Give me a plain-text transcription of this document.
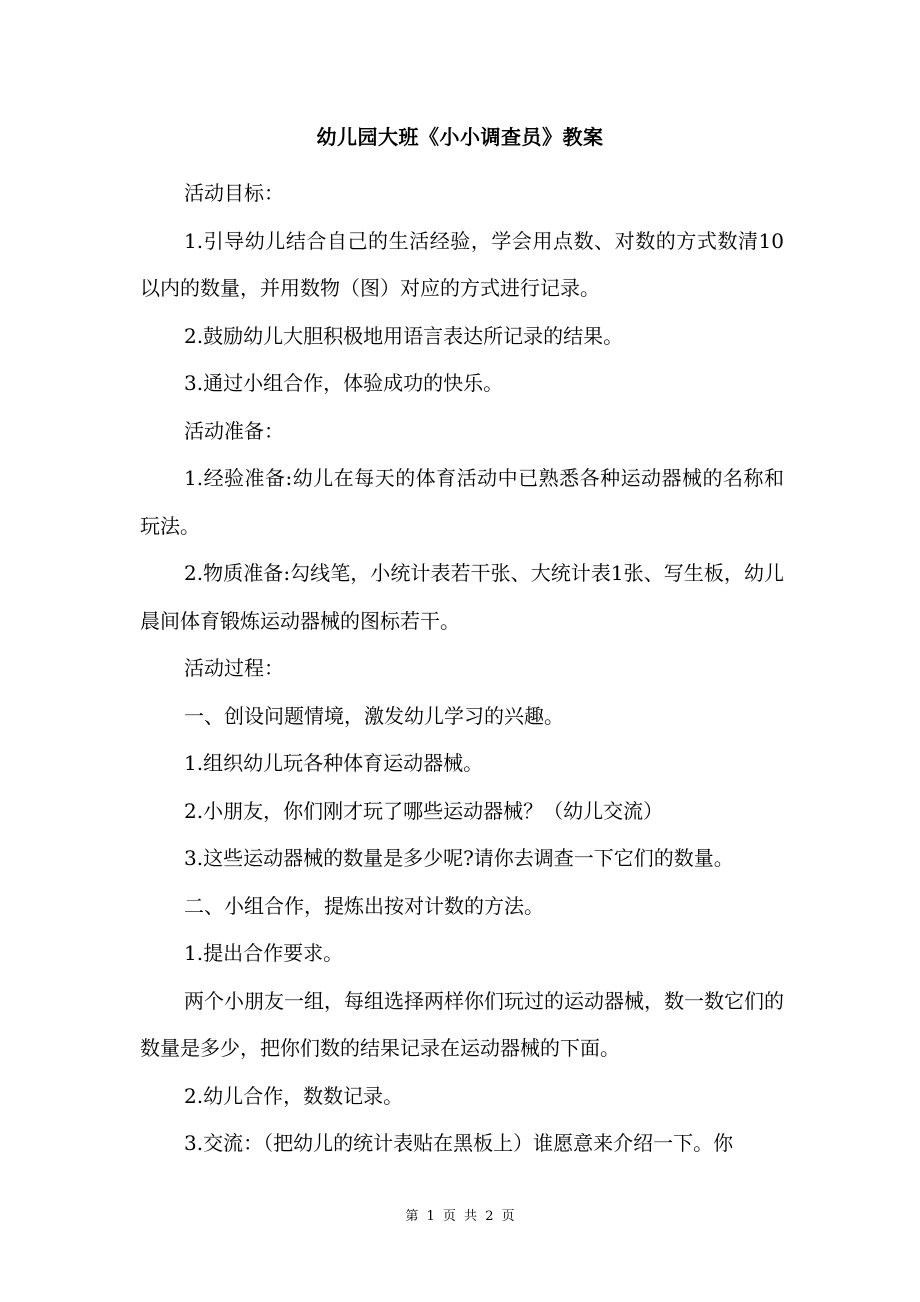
幼儿园大班《小小调查员》教案

活动目标：

1.引导幼儿结合自己的生活经验，学会用点数、对数的方式数清10以内的数量，并用数物（图）对应的方式进行记录。

2.鼓励幼儿大胆积极地用语言表达所记录的结果。

3.通过小组合作，体验成功的快乐。

活动准备：

1.经验准备:幼儿在每天的体育活动中已熟悉各种运动器械的名称和玩法。

2.物质准备:勾线笔，小统计表若干张、大统计表1张、写生板，幼儿晨间体育锻炼运动器械的图标若干。

活动过程：

一、创设问题情境，激发幼儿学习的兴趣。

1.组织幼儿玩各种体育运动器械。

2.小朋友，你们刚才玩了哪些运动器械？（幼儿交流）

3.这些运动器械的数量是多少呢?请你去调查一下它们的数量。

二、小组合作，提炼出按对计数的方法。

1.提出合作要求。

两个小朋友一组，每组选择两样你们玩过的运动器械，数一数它们的数量是多少，把你们数的结果记录在运动器械的下面。

2.幼儿合作，数数记录。

3.交流：（把幼儿的统计表贴在黑板上）谁愿意来介绍一下。你

第 1 页 共 2 页
